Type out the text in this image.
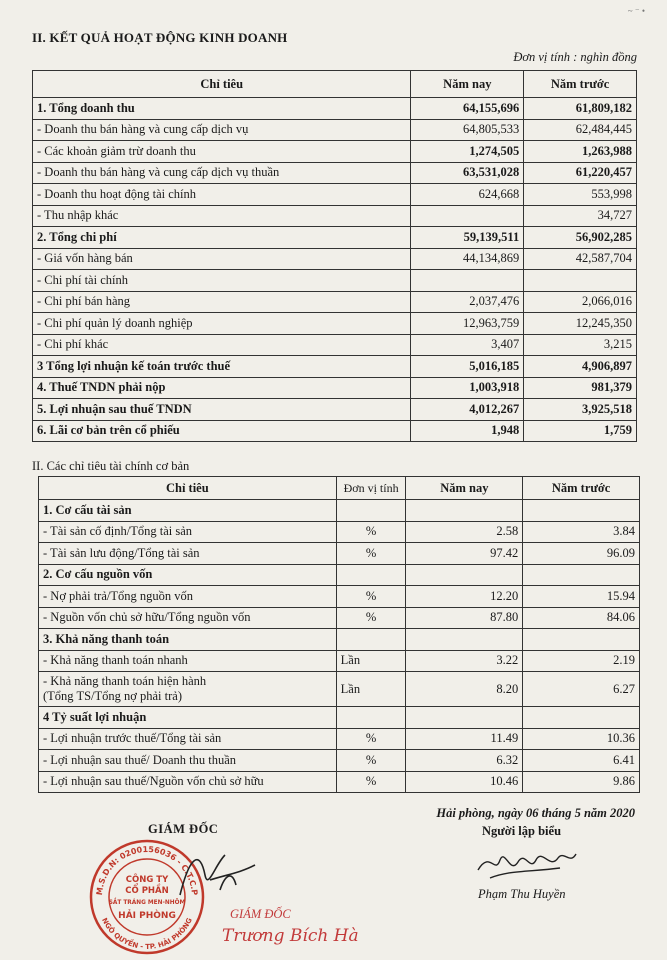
~ ⁻ •
II. KẾT QUẢ HOẠT ĐỘNG KINH DOANH
Đơn vị tính : nghìn đồng
Chỉ tiêu	Năm nay	Năm trước
1. Tổng doanh thu	64,155,696	61,809,182
- Doanh thu bán hàng và cung cấp dịch vụ	64,805,533	62,484,445
- Các khoản giảm trừ doanh thu	1,274,505	1,263,988
- Doanh thu bán hàng và cung cấp dịch vụ thuần	63,531,028	61,220,457
- Doanh thu hoạt động tài chính	624,668	553,998
- Thu nhập khác		34,727
2. Tổng chi phí	59,139,511	56,902,285
- Giá vốn hàng bán	44,134,869	42,587,704
- Chi phí tài chính		
- Chi phí bán hàng	2,037,476	2,066,016
- Chi phí quản lý doanh nghiệp	12,963,759	12,245,350
- Chi phí khác	3,407	3,215
3 Tổng lợi nhuận kế toán trước thuế	5,016,185	4,906,897
4. Thuế TNDN phải nộp	1,003,918	981,379
5. Lợi nhuận sau thuế TNDN	4,012,267	3,925,518
6. Lãi cơ bản trên cổ phiếu	1,948	1,759
II. Các chỉ tiêu tài chính cơ bản
Chỉ tiêu	Đơn vị tính	Năm nay	Năm trước

1. Cơ cấu tài sản			
- Tài sản cố định/Tổng tài sản	%	2.58	3.84
- Tài sản lưu động/Tổng tài sản	%	97.42	96.09
2. Cơ cấu nguồn vốn			
- Nợ phải trả/Tổng nguồn vốn	%	12.20	15.94
- Nguồn vốn chủ sở hữu/Tổng nguồn vốn	%	87.80	84.06
3. Khả năng thanh toán			
- Khả năng thanh toán nhanh	Lần	3.22	2.19

- Khả năng thanh toán hiện hành
(Tổng TS/Tổng nợ phải trả)	Lần	8.20	6.27
4 Tỷ suất lợi nhuận			
- Lợi nhuận trước thuế/Tổng tài sản	%	11.49	10.36
- Lợi nhuận sau thuế/ Doanh thu thuần	%	6.32	6.41
- Lợi nhuận sau thuế/Nguồn vốn chủ sở hữu	%	10.46	9.86
Hải phòng, ngày 06 tháng 5 năm 2020
Người lập biểu
GIÁM ĐỐC
M.S.D.N: 0200156036 - C.T.C.P
NGÔ QUYỀN - TP. HẢI PHÒNG
CÔNG TY
CỔ PHẦN
SẮT TRÁNG MEN-NHÔM
HẢI PHÒNG	GIÁM ĐỐC
Trương Bích Hà
Phạm Thu Huyền
